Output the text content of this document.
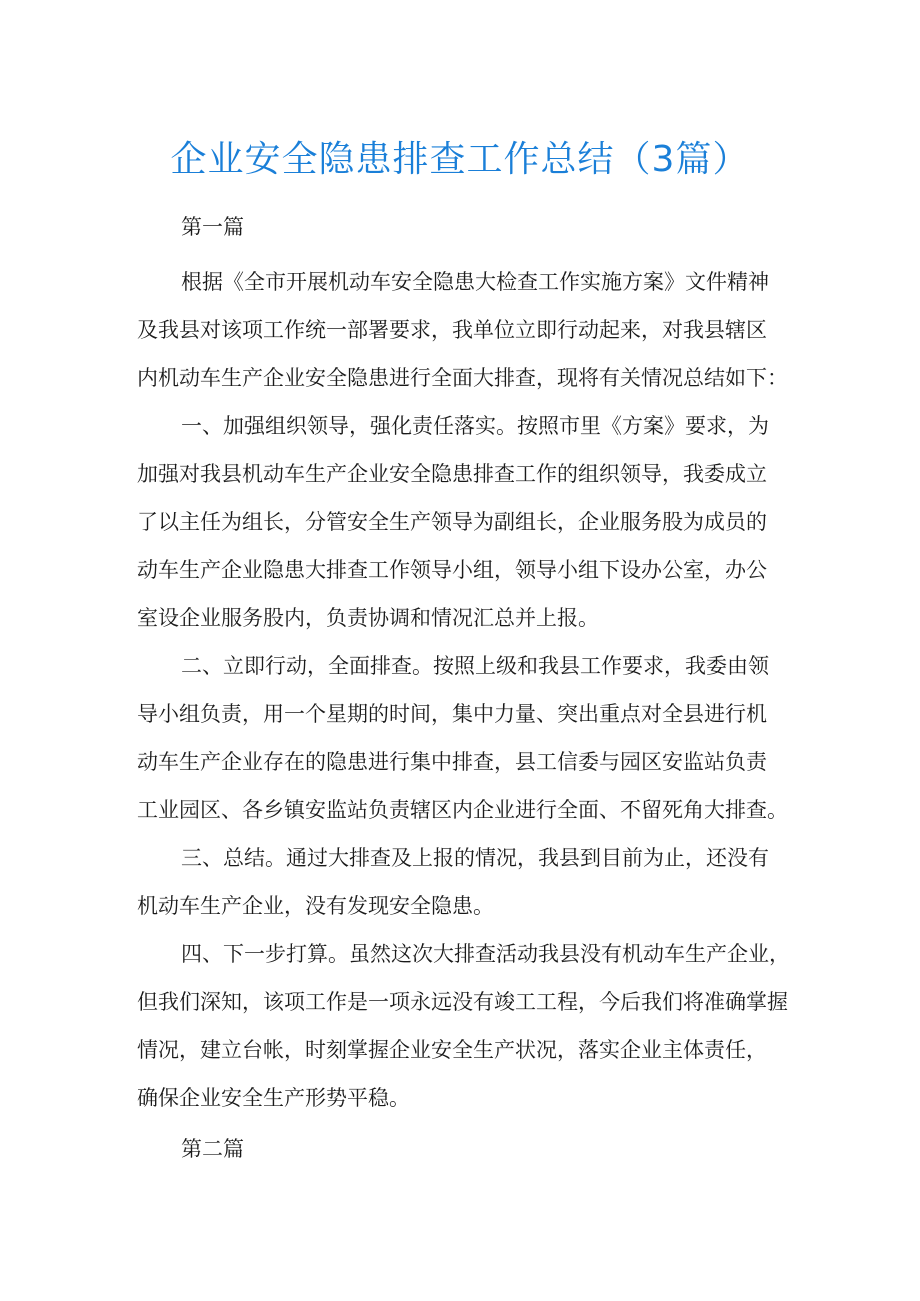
企业安全隐患排查工作总结（3篇）
第一篇
根据《全市开展机动车安全隐患大检查工作实施方案》文件精神
及我县对该项工作统一部署要求，我单位立即行动起来，对我县辖区
内机动车生产企业安全隐患进行全面大排查，现将有关情况总结如下：
一、加强组织领导，强化责任落实。按照市里《方案》要求，为
加强对我县机动车生产企业安全隐患排查工作的组织领导，我委成立
了以主任为组长，分管安全生产领导为副组长，企业服务股为成员的
动车生产企业隐患大排查工作领导小组，领导小组下设办公室，办公
室设企业服务股内，负责协调和情况汇总并上报。
二、立即行动，全面排查。按照上级和我县工作要求，我委由领
导小组负责，用一个星期的时间，集中力量、突出重点对全县进行机
动车生产企业存在的隐患进行集中排查，县工信委与园区安监站负责
工业园区、各乡镇安监站负责辖区内企业进行全面、不留死角大排查。
三、总结。通过大排查及上报的情况，我县到目前为止，还没有
机动车生产企业，没有发现安全隐患。
四、下一步打算。虽然这次大排查活动我县没有机动车生产企业，
但我们深知，该项工作是一项永远没有竣工工程，今后我们将准确掌握
情况，建立台帐，时刻掌握企业安全生产状况，落实企业主体责任，
确保企业安全生产形势平稳。
第二篇
